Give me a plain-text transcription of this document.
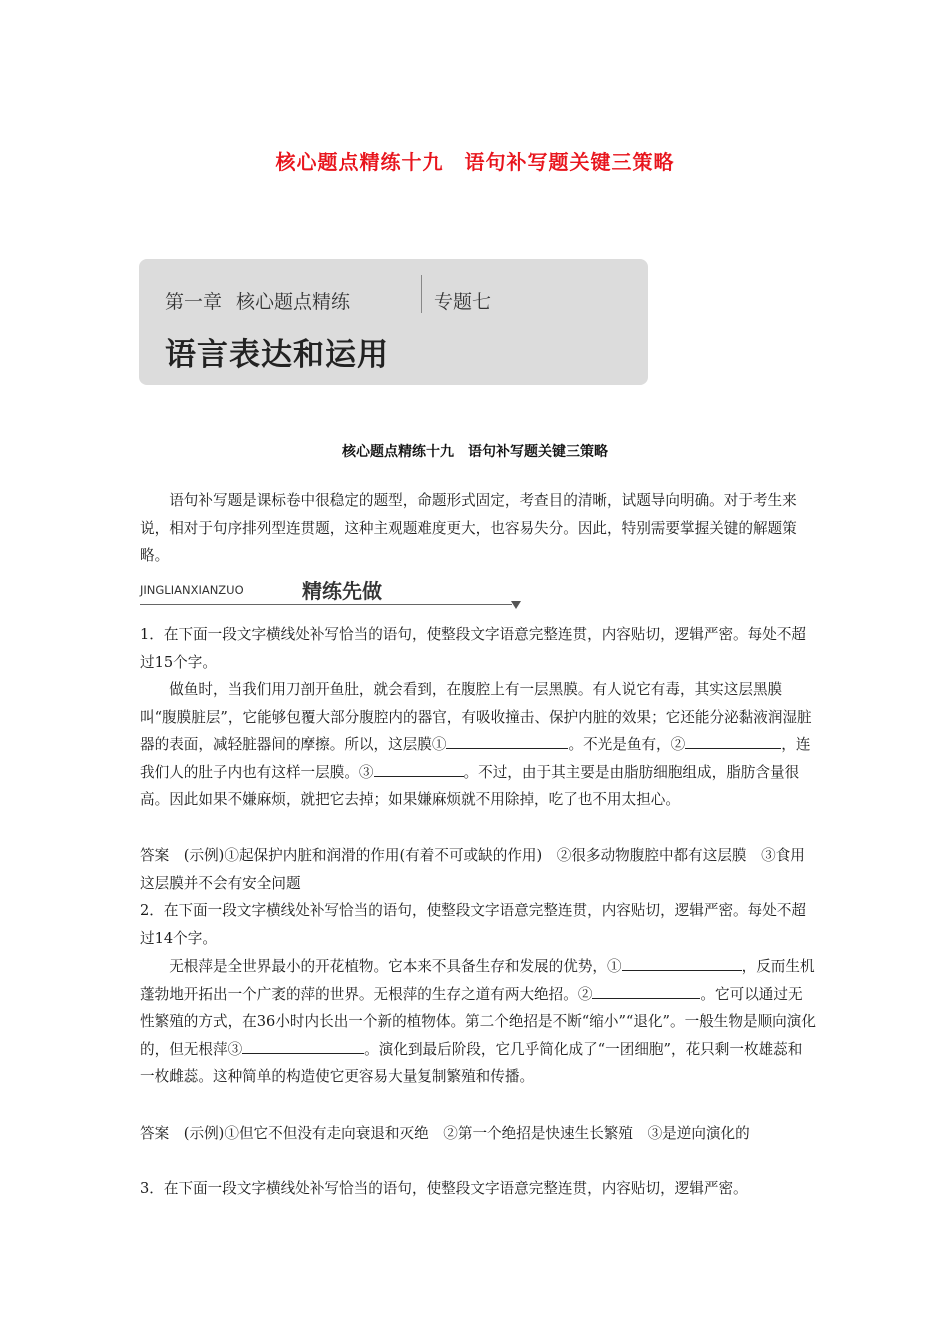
核心题点精练十九　语句补写题关键三策略
第一章 核心题点精练	专题七
语言表达和运用
核心题点精练十九　语句补写题关键三策略

语句补写题是课标卷中很稳定的题型，命题形式固定，考查目的清晰，试题导向明确。对于考生来说，相对于句序排列型连贯题，这种主观题难度更大，也容易失分。因此，特别需要掌握关键的解题策略。

JINGLIANXIANZUO	精练先做

1．在下面一段文字横线处补写恰当的语句，使整段文字语意完整连贯，内容贴切，逻辑严密。每处不超过15个字。

做鱼时，当我们用刀剖开鱼肚，就会看到，在腹腔上有一层黑膜。有人说它有毒，其实这层黑膜叫“腹膜脏层”，它能够包覆大部分腹腔内的器官，有吸收撞击、保护内脏的效果；它还能分泌黏液润湿脏器的表面，减轻脏器间的摩擦。所以，这层膜①	。不光是鱼有，②	，连我们人的肚子内也有这样一层膜。③	。不过，由于其主要是由脂肪细胞组成，脂肪含量很高。因此如果不嫌麻烦，就把它去掉；如果嫌麻烦就不用除掉，吃了也不用太担心。

答案　(示例)①起保护内脏和润滑的作用(有着不可或缺的作用)　②很多动物腹腔中都有这层膜　③食用这层膜并不会有安全问题

2．在下面一段文字横线处补写恰当的语句，使整段文字语意完整连贯，内容贴切，逻辑严密。每处不超过14个字。

无根萍是全世界最小的开花植物。它本来不具备生存和发展的优势，①	，反而生机蓬勃地开拓出一个广袤的萍的世界。无根萍的生存之道有两大绝招。②	。它可以通过无性繁殖的方式，在36小时内长出一个新的植物体。第二个绝招是不断“缩小”“退化”。一般生物是顺向演化的，但无根萍③	。演化到最后阶段，它几乎简化成了“一团细胞”，花只剩一枚雄蕊和一枚雌蕊。这种简单的构造使它更容易大量复制繁殖和传播。

答案　(示例)①但它不但没有走向衰退和灭绝　②第一个绝招是快速生长繁殖　③是逆向演化的

3．在下面一段文字横线处补写恰当的语句，使整段文字语意完整连贯，内容贴切，逻辑严密。
